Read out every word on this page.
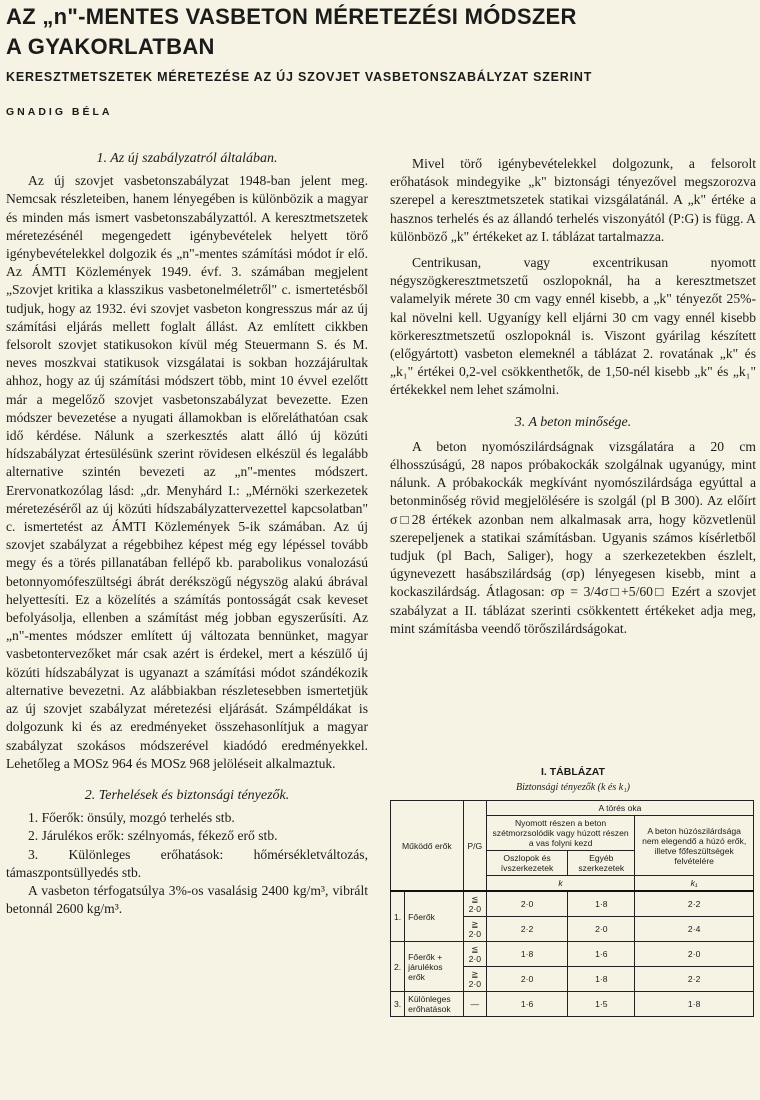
AZ „n"-MENTES VASBETON MÉRETEZÉSI MÓDSZER
A GYAKORLATBAN
KERESZTMETSZETEK MÉRETEZÉSE AZ ÚJ SZOVJET VASBETONSZABÁLYZAT SZERINT
GNADIG BÉLA
1. Az új szabályzatról általában.

Az új szovjet vasbetonszabályzat 1948-ban jelent meg. Nemcsak részleteiben, hanem lényegében is különbözik a magyar és minden más ismert vasbetonszabályzattól. A keresztmetszetek méretezésénél megengedett igénybevételek helyett törő igénybevételekkel dolgozik és „n"-mentes számítási módot ír elő. Az ÁMTI Közlemények 1949. évf. 3. számában megjelent „Szovjet kritika a klasszikus vasbetonelméletről" c. ismertetésből tudjuk, hogy az 1932. évi szovjet vasbeton kongresszus már az új számítási eljárás mellett foglalt állást. Az említett cikkben felsorolt szovjet statikusokon kívül még Steuermann S. és M. neves moszkvai statikusok vizsgálatai is sokban hozzájárultak ahhoz, hogy az új számítási módszert több, mint 10 évvel ezelőtt már a megelőző szovjet vasbetonszabályzat bevezette. Ezen módszer bevezetése a nyugati államokban is előreláthatóan csak idő kérdése. Nálunk a szerkesztés alatt álló új közúti hídszabályzat értesülésünk szerint rövidesen elkészül és legalább alternative szintén bevezeti az „n"-mentes módszert. Erervonatkozólag lásd: „dr. Menyhárd I.: „Mérnöki szerkezetek méretezéséről az új közúti hídszabályzattervezettel kapcsolatban" c. ismertetést az ÁMTI Közlemények 5-ik számában. Az új szovjet szabályzat a régebbihez képest még egy lépéssel tovább megy és a törés pillanatában fellépő kb. parabolikus vonalozású betonnyomófeszültségi ábrát derékszögű négyszög alakú ábrával helyettesíti. Ez a közelítés a számítás pontosságát csak keveset befolyásolja, ellenben a számítást még jobban egyszerűsíti. Az „n"-mentes módszer említett új változata bennünket, magyar vasbetontervezőket már csak azért is érdekel, mert a készülő új közúti hídszabályzat is ugyanazt a számítási módot szándékozik alternative bevezetni. Az alábbiakban részletesebben ismertetjük az új szovjet szabályzat méretezési eljárását. Számpéldákat is dolgozunk ki és az eredményeket összehasonlítjuk a magyar szabályzat szokásos módszerével kiadódó eredményekkel. Lehetőleg a MOSz 964 és MOSz 968 jelöléseit alkalmaztuk.

2. Terhelések és biztonsági tényezők.

1. Főerők: önsúly, mozgó terhelés stb.

2. Járulékos erők: szélnyomás, fékező erő stb.

3. Különleges erőhatások: hőmérsékletváltozás, támaszpontsüllyedés stb.

A vasbeton térfogatsúlya 3%-os vasalásig 2400 kg/m³, vibrált betonnál 2600 kg/m³.

Mivel törő igénybevételekkel dolgozunk, a felsorolt erőhatások mindegyike „k" biztonsági tényezővel megszorozva szerepel a keresztmetszetek statikai vizsgálatánál. A „k" értéke a hasznos terhelés és az állandó terhelés viszonyától (P:G) is függ. A különböző „k" értékeket az I. táblázat tartalmazza.

Centrikusan, vagy excentrikusan nyomott négyszögkeresztmetszetű oszlopoknál, ha a keresztmetszet valamelyik mérete 30 cm vagy ennél kisebb, a „k" tényezőt 25%-kal növelni kell. Ugyanígy kell eljárni 30 cm vagy ennél kisebb körkeresztmetszetű oszlopoknál is. Viszont gyárilag készített (előgyártott) vasbeton elemeknél a táblázat 2. rovatának „k" és „k₁" értékei 0,2-vel csökkenthetők, de 1,50-nél kisebb „k" és „k₁" értékekkel nem lehet számolni.

3. A beton minősége.

A beton nyomószilárdságnak vizsgálatára a 20 cm élhosszúságú, 28 napos próbakockák szolgálnak ugyanúgy, mint nálunk. A próbakockák megkívánt nyomószilárdsága egyúttal a betonminőség rövid megjelölésére is szolgál (pl B 300). Az előírt σ□28 értékek azonban nem alkalmasak arra, hogy közvetlenül szerepeljenek a statikai számításban. Ugyanis számos kísérletből tudjuk (pl Bach, Saliger), hogy a szerkezetekben észlelt, úgynevezett hasábszilárdság (σp) lényegesen kisebb, mint a kockaszilárdság. Átlagosan: σp = 3/4σ□+5/60□ Ezért a szovjet szabályzat a II. táblázat szerinti csökkentett értékeket adja meg, mint számításba veendő törőszilárdságokat.

I. TÁBLÁZAT
Biztonsági tényezők (k és k₁)
Működő erők		P/G	A törés oka		
			Nyomott részen a beton szétmorzsolódik vagy húzott részen a vas folyni kezd		A beton húzószilárdsága nem elegendő a húzó erők, illetve főfeszültségek felvételére
			Oszlopok és ívszerkezetek	Egyéb szerkezetek	
			k		k₁
1.	Főerők	≦ 2·0	2·0	1·8	2·2
		≧ 2·0	2·2	2·0	2·4
2.	Főerők + járulékos erők	≦ 2·0	1·8	1·6	2·0
		≧ 2·0	2·0	1·8	2·2
3.	Különleges erőhatások	—	1·6	1·5	1·8
